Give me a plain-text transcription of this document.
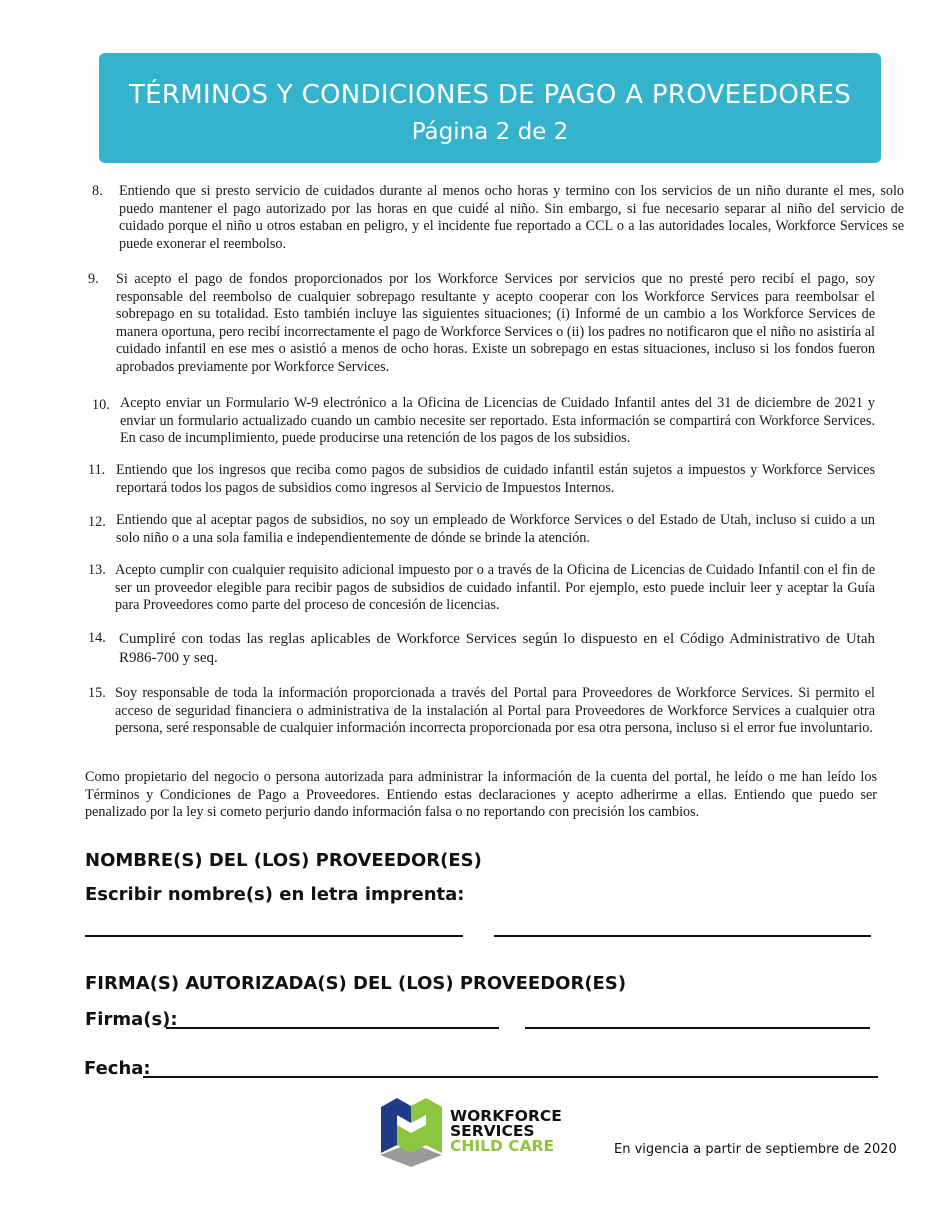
TÉRMINOS Y CONDICIONES DE PAGO A PROVEEDORES
Página 2 de 2
8. Entiendo que si presto servicio de cuidados durante al menos ocho horas y termino con los servicios de un niño durante el mes, solo puedo mantener el pago autorizado por las horas en que cuidé al niño. Sin embargo, si fue necesario separar al niño del servicio de cuidado porque el niño u otros estaban en peligro, y el incidente fue reportado a CCL o a las autoridades locales, Workforce Services se puede exonerar el reembolso.
9. Si acepto el pago de fondos proporcionados por los Workforce Services por servicios que no presté pero recibí el pago, soy responsable del reembolso de cualquier sobrepago resultante y acepto cooperar con los Workforce Services para reembolsar el sobrepago en su totalidad. Esto también incluye las siguientes situaciones; (i) Informé de un cambio a los Workforce Services de manera oportuna, pero recibí incorrectamente el pago de Workforce Services o (ii) los padres no notificaron que el niño no asistiría al cuidado infantil en ese mes o asistió a menos de ocho horas. Existe un sobrepago en estas situaciones, incluso si los fondos fueron aprobados previamente por Workforce Services.
10. Acepto enviar un Formulario W-9 electrónico a la Oficina de Licencias de Cuidado Infantil antes del 31 de diciembre de 2021 y enviar un formulario actualizado cuando un cambio necesite ser reportado. Esta información se compartirá con Workforce Services. En caso de incumplimiento, puede producirse una retención de los pagos de los subsidios.
11. Entiendo que los ingresos que reciba como pagos de subsidios de cuidado infantil están sujetos a impuestos y Workforce Services reportará todos los pagos de subsidios como ingresos al Servicio de Impuestos Internos.
12. Entiendo que al aceptar pagos de subsidios, no soy un empleado de Workforce Services o del Estado de Utah, incluso si cuido a un solo niño o a una sola familia e independientemente de dónde se brinde la atención.
13. Acepto cumplir con cualquier requisito adicional impuesto por o a través de la Oficina de Licencias de Cuidado Infantil con el fin de ser un proveedor elegible para recibir pagos de subsidios de cuidado infantil. Por ejemplo, esto puede incluir leer y aceptar la Guía para Proveedores como parte del proceso de concesión de licencias.
14. Cumpliré con todas las reglas aplicables de Workforce Services según lo dispuesto en el Código Administrativo de Utah R986-700 y seq.
15. Soy responsable de toda la información proporcionada a través del Portal para Proveedores de Workforce Services. Si permito el acceso de seguridad financiera o administrativa de la instalación al Portal para Proveedores de Workforce Services a cualquier otra persona, seré responsable de cualquier información incorrecta proporcionada por esa otra persona, incluso si el error fue involuntario.
Como propietario del negocio o persona autorizada para administrar la información de la cuenta del portal, he leído o me han leído los Términos y Condiciones de Pago a Proveedores. Entiendo estas declaraciones y acepto adherirme a ellas. Entiendo que puedo ser penalizado por la ley si cometo perjurio dando información falsa o no reportando con precisión los cambios.
NOMBRE(S) DEL (LOS) PROVEEDOR(ES)
Escribir nombre(s) en letra imprenta:
FIRMA(S) AUTORIZADA(S) DEL (LOS) PROVEEDOR(ES)
Firma(s):
Fecha:
WORKFORCE
SERVICES
CHILD CARE	En vigencia a partir de septiembre de 2020
